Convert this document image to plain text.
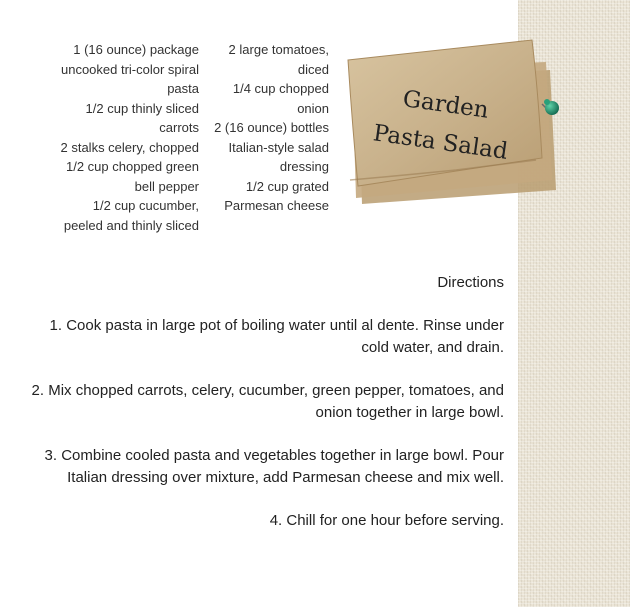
1 (16 ounce) package uncooked tri-color spiral pasta

1/2 cup thinly sliced carrots

2 stalks celery, chopped

1/2 cup chopped green bell pepper

1/2 cup cucumber, peeled and thinly sliced

2 large tomatoes, diced

1/4 cup chopped onion

2 (16 ounce) bottles Italian-style salad dressing

1/2 cup grated Parmesan cheese

Garden
Pasta Salad
Directions
1. Cook pasta in large pot of boiling water until al dente. Rinse under cold water, and drain.
2. Mix chopped carrots, celery, cucumber, green pepper, tomatoes, and onion together in large bowl.
3. Combine cooled pasta and vegetables together in large bowl. Pour Italian dressing over mixture, add Parmesan cheese and mix well.
4. Chill for one hour before serving.
